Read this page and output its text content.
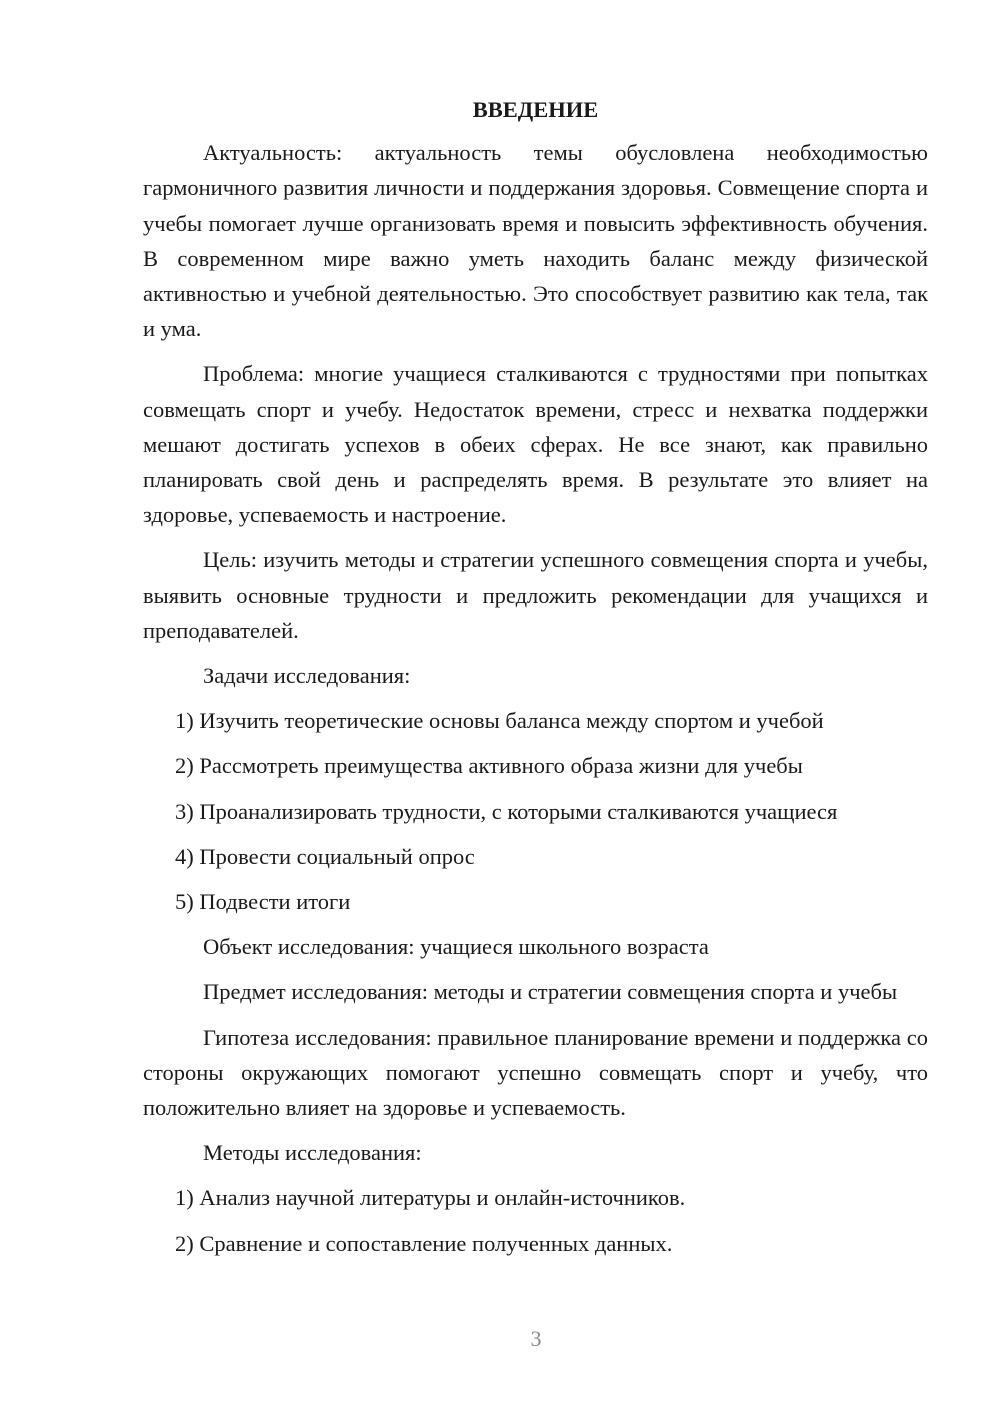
ВВЕДЕНИЕ

Актуальность: актуальность темы обусловлена необходимостью гармоничного развития личности и поддержания здоровья. Совмещение спорта и учебы помогает лучше организовать время и повысить эффективность обучения. В современном мире важно уметь находить баланс между физической активностью и учебной деятельностью. Это способствует развитию как тела, так и ума.

Проблема: многие учащиеся сталкиваются с трудностями при попытках совмещать спорт и учебу. Недостаток времени, стресс и нехватка поддержки мешают достигать успехов в обеих сферах. Не все знают, как правильно планировать свой день и распределять время. В результате это влияет на здоровье, успеваемость и настроение.

Цель: изучить методы и стратегии успешного совмещения спорта и учебы, выявить основные трудности и предложить рекомендации для учащихся и преподавателей.

Задачи исследования:

1) Изучить теоретические основы баланса между спортом и учебой

2) Рассмотреть преимущества активного образа жизни для учебы

3) Проанализировать трудности, с которыми сталкиваются учащиеся

4) Провести социальный опрос

5) Подвести итоги

Объект исследования: учащиеся школьного возраста

Предмет исследования: методы и стратегии совмещения спорта и учебы

Гипотеза исследования: правильное планирование времени и поддержка со стороны окружающих помогают успешно совмещать спорт и учебу, что положительно влияет на здоровье и успеваемость.

Методы исследования:

1) Анализ научной литературы и онлайн-источников.

2) Сравнение и сопоставление полученных данных.

3
